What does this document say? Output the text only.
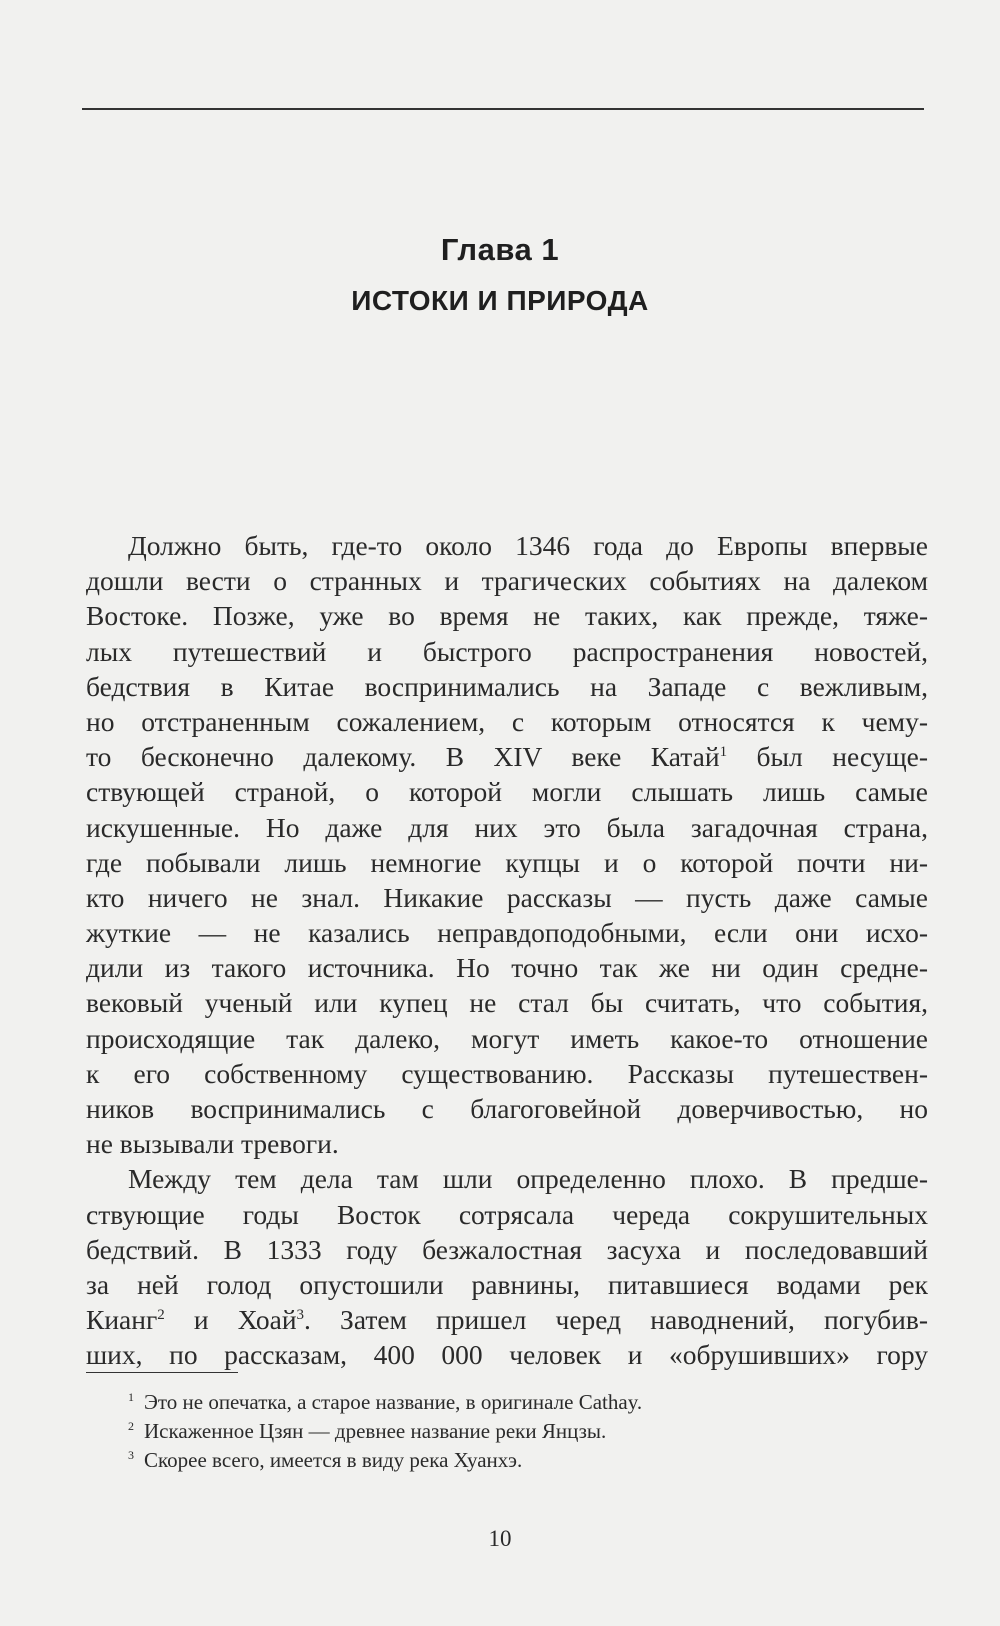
Глава 1
ИСТОКИ И ПРИРОДА
Должно быть, где-то около 1346 года до Европы впервые
дошли вести о странных и трагических событиях на далеком
Востоке. Позже, уже во время не таких, как прежде, тяже-
лых путешествий и быстрого распространения новостей,
бедствия в Китае воспринимались на Западе с вежливым,
но отстраненным сожалением, с которым относятся к чему-
то бесконечно далекому. В XIV веке Катай$^1$ был несуще-
ствующей страной, о которой могли слышать лишь самые
искушенные. Но даже для них это была загадочная страна,
где побывали лишь немногие купцы и о которой почти ни-
кто ничего не знал. Никакие рассказы — пусть даже самые
жуткие — не казались неправдоподобными, если они исхо-
дили из такого источника. Но точно так же ни один средне-
вековый ученый или купец не стал бы считать, что события,
происходящие так далеко, могут иметь какое-то отношение
к его собственному существованию. Рассказы путешествен-
ников воспринимались с благоговейной доверчивостью, но
не вызывали тревоги.
Между тем дела там шли определенно плохо. В предше-
ствующие годы Восток сотрясала череда сокрушительных
бедствий. В 1333 году безжалостная засуха и последовавший
за ней голод опустошили равнины, питавшиеся водами рек
Кианг$^2$ и Хоай$^3$. Затем пришел черед наводнений, погубив-
ших, по рассказам, 400 000 человек и «обрушивших» гору
$^1$ Это не опечатка, а старое название, в оригинале Cathay.
$^2$ Искаженное Цзян — древнее название реки Янцзы.
$^3$ Скорее всего, имеется в виду река Хуанхэ.
10
